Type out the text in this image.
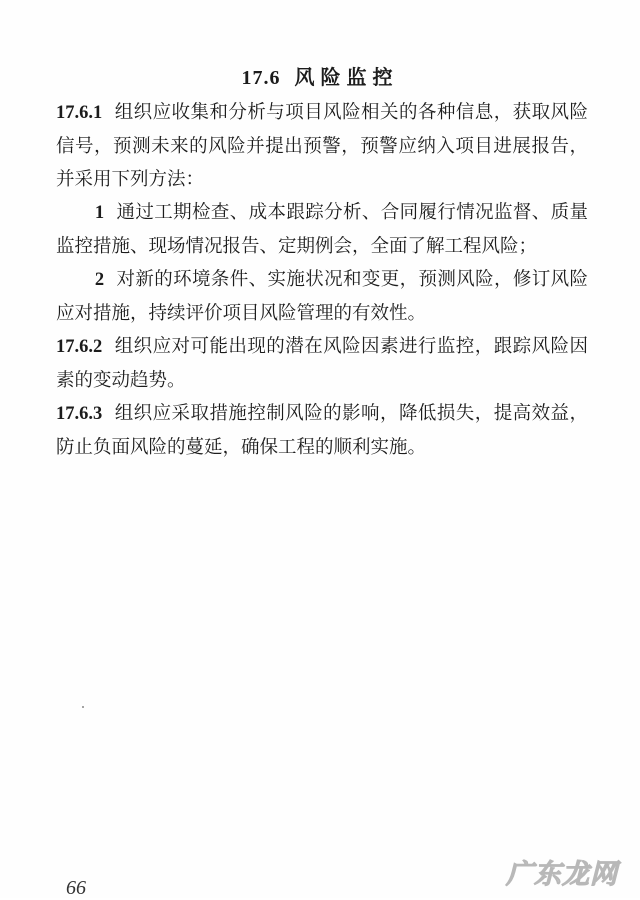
17.6 风险监控

17.6.1 组织应收集和分析与项目风险相关的各种信息，获取风险信号，预测未来的风险并提出预警，预警应纳入项目进展报告，并采用下列方法：

1 通过工期检查、成本跟踪分析、合同履行情况监督、质量监控措施、现场情况报告、定期例会，全面了解工程风险；

2 对新的环境条件、实施状况和变更，预测风险，修订风险应对措施，持续评价项目风险管理的有效性。

17.6.2 组织应对可能出现的潜在风险因素进行监控，跟踪风险因素的变动趋势。

17.6.3 组织应采取措施控制风险的影响，降低损失，提高效益，防止负面风险的蔓延，确保工程的顺利实施。

66	广东龙网
